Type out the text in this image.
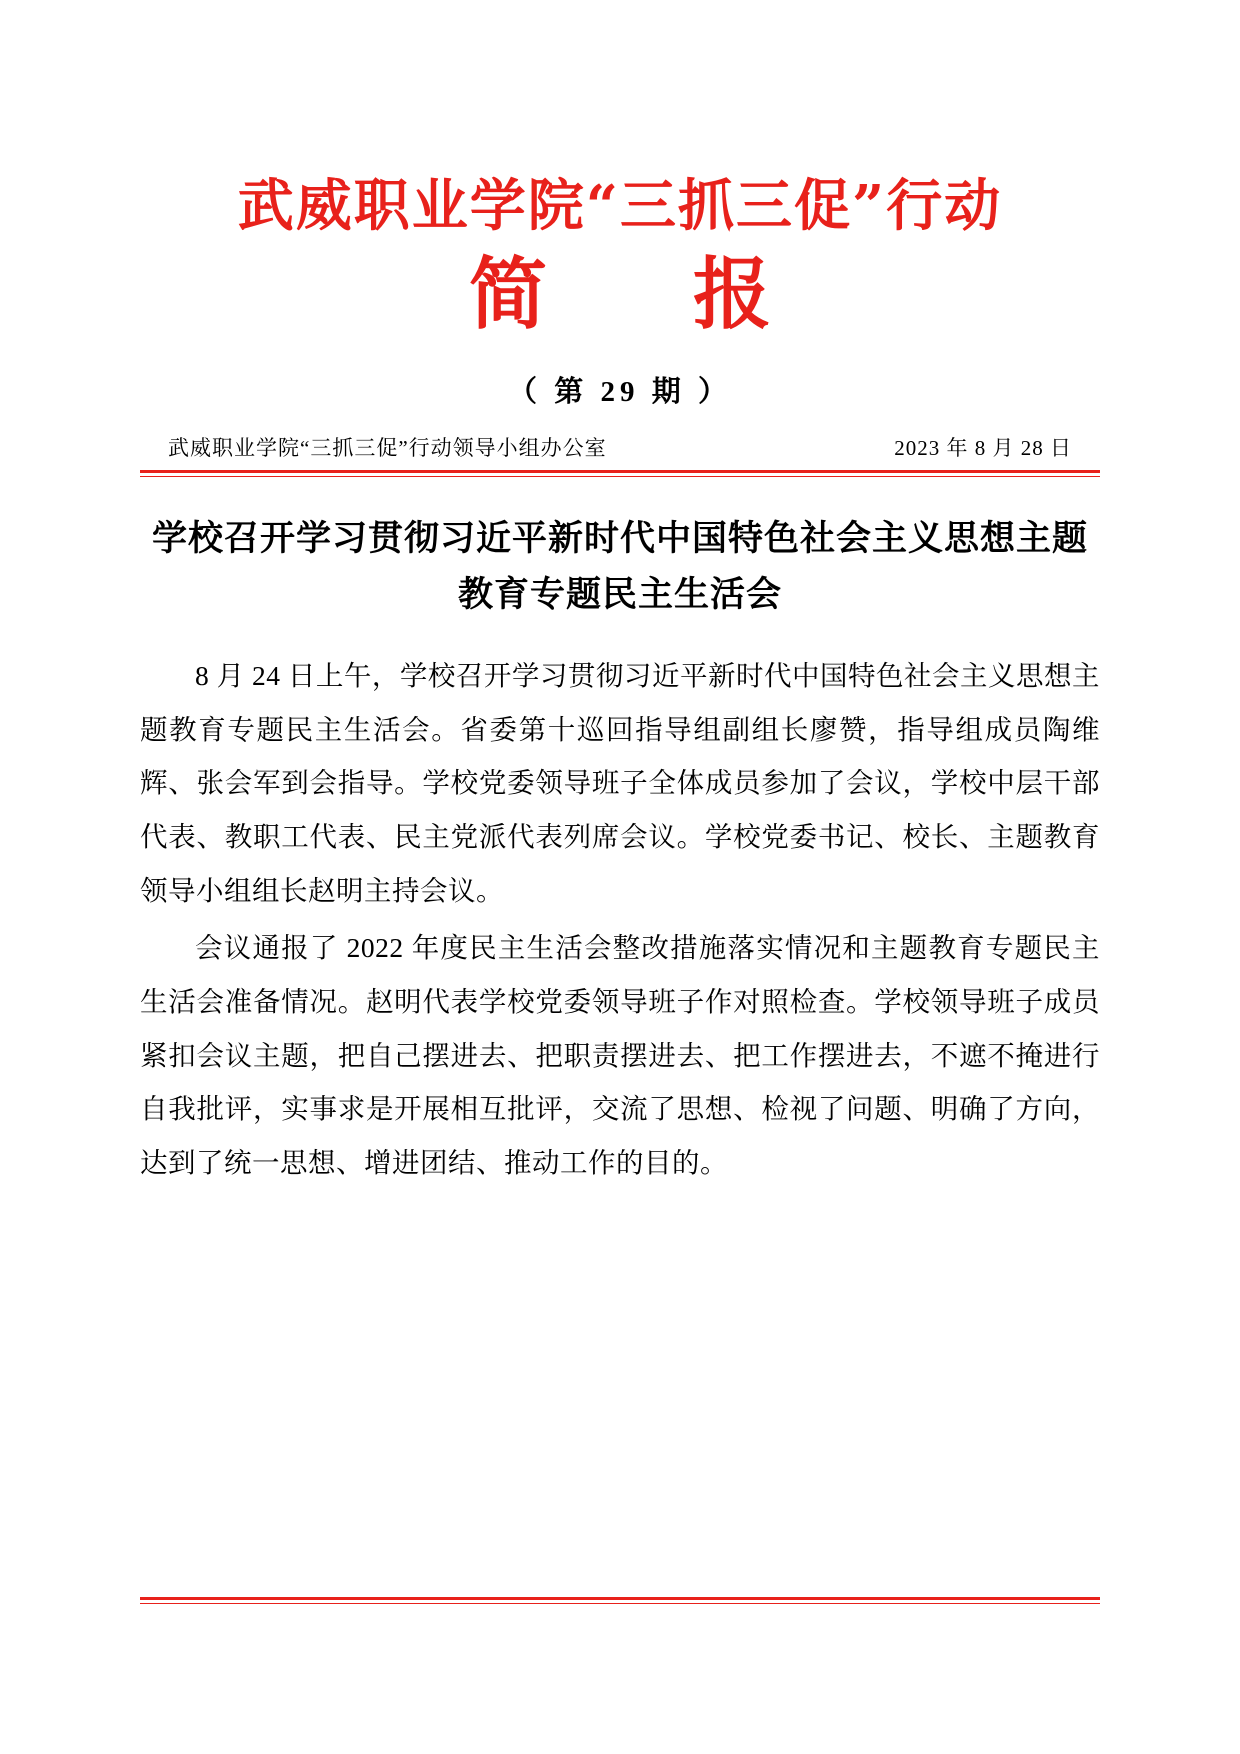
武威职业学院“三抓三促”行动
简　报
（ 第 29 期 ）
武威职业学院“三抓三促”行动领导小组办公室	2023 年 8 月 28 日
学校召开学习贯彻习近平新时代中国特色社会主义思想主题教育专题民主生活会

8 月 24 日上午，学校召开学习贯彻习近平新时代中国特色社会主义思想主题教育专题民主生活会。省委第十巡回指导组副组长廖赞，指导组成员陶维辉、张会军到会指导。学校党委领导班子全体成员参加了会议，学校中层干部代表、教职工代表、民主党派代表列席会议。学校党委书记、校长、主题教育领导小组组长赵明主持会议。

会议通报了 2022 年度民主生活会整改措施落实情况和主题教育专题民主生活会准备情况。赵明代表学校党委领导班子作对照检查。学校领导班子成员紧扣会议主题，把自己摆进去、把职责摆进去、把工作摆进去，不遮不掩进行自我批评，实事求是开展相互批评，交流了思想、检视了问题、明确了方向，达到了统一思想、增进团结、推动工作的目的。
